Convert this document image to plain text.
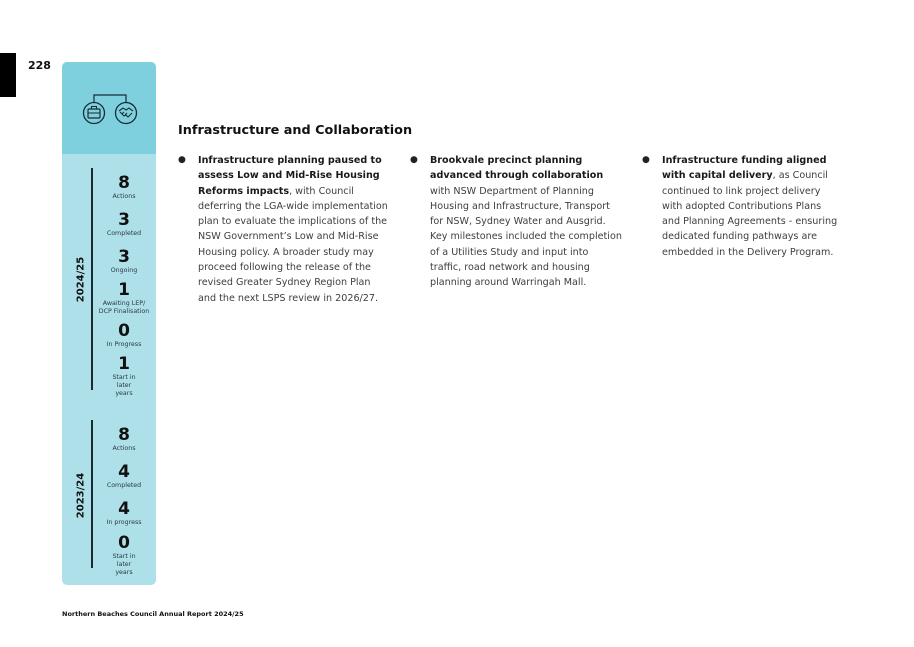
228
2024/25
8
Actions
3
Completed
3
Ongoing
1
Awaiting LEP/ DCP Finalisation
0
In Progress
1
Start in later years
2023/24
8
Actions
4
Completed
4
In progress
0
Start in later years
Infrastructure and Collaboration
● Infrastructure planning paused to assess Low and Mid-Rise Housing Reforms impacts, with Council deferring the LGA-wide implementation plan to evaluate the implications of the NSW Government’s Low and Mid-Rise Housing policy. A broader study may proceed following the release of the revised Greater Sydney Region Plan and the next LSPS review in 2026/27.
● Brookvale precinct planning advanced through collaboration with NSW Department of Planning Housing and Infrastructure, Transport for NSW, Sydney Water and Ausgrid. Key milestones included the completion of a Utilities Study and input into traffic, road network and housing planning around Warringah Mall.
● Infrastructure funding aligned with capital delivery, as Council continued to link project delivery with adopted Contributions Plans and Planning Agreements - ensuring dedicated funding pathways are embedded in the Delivery Program.
Northern Beaches Council Annual Report 2024/25
